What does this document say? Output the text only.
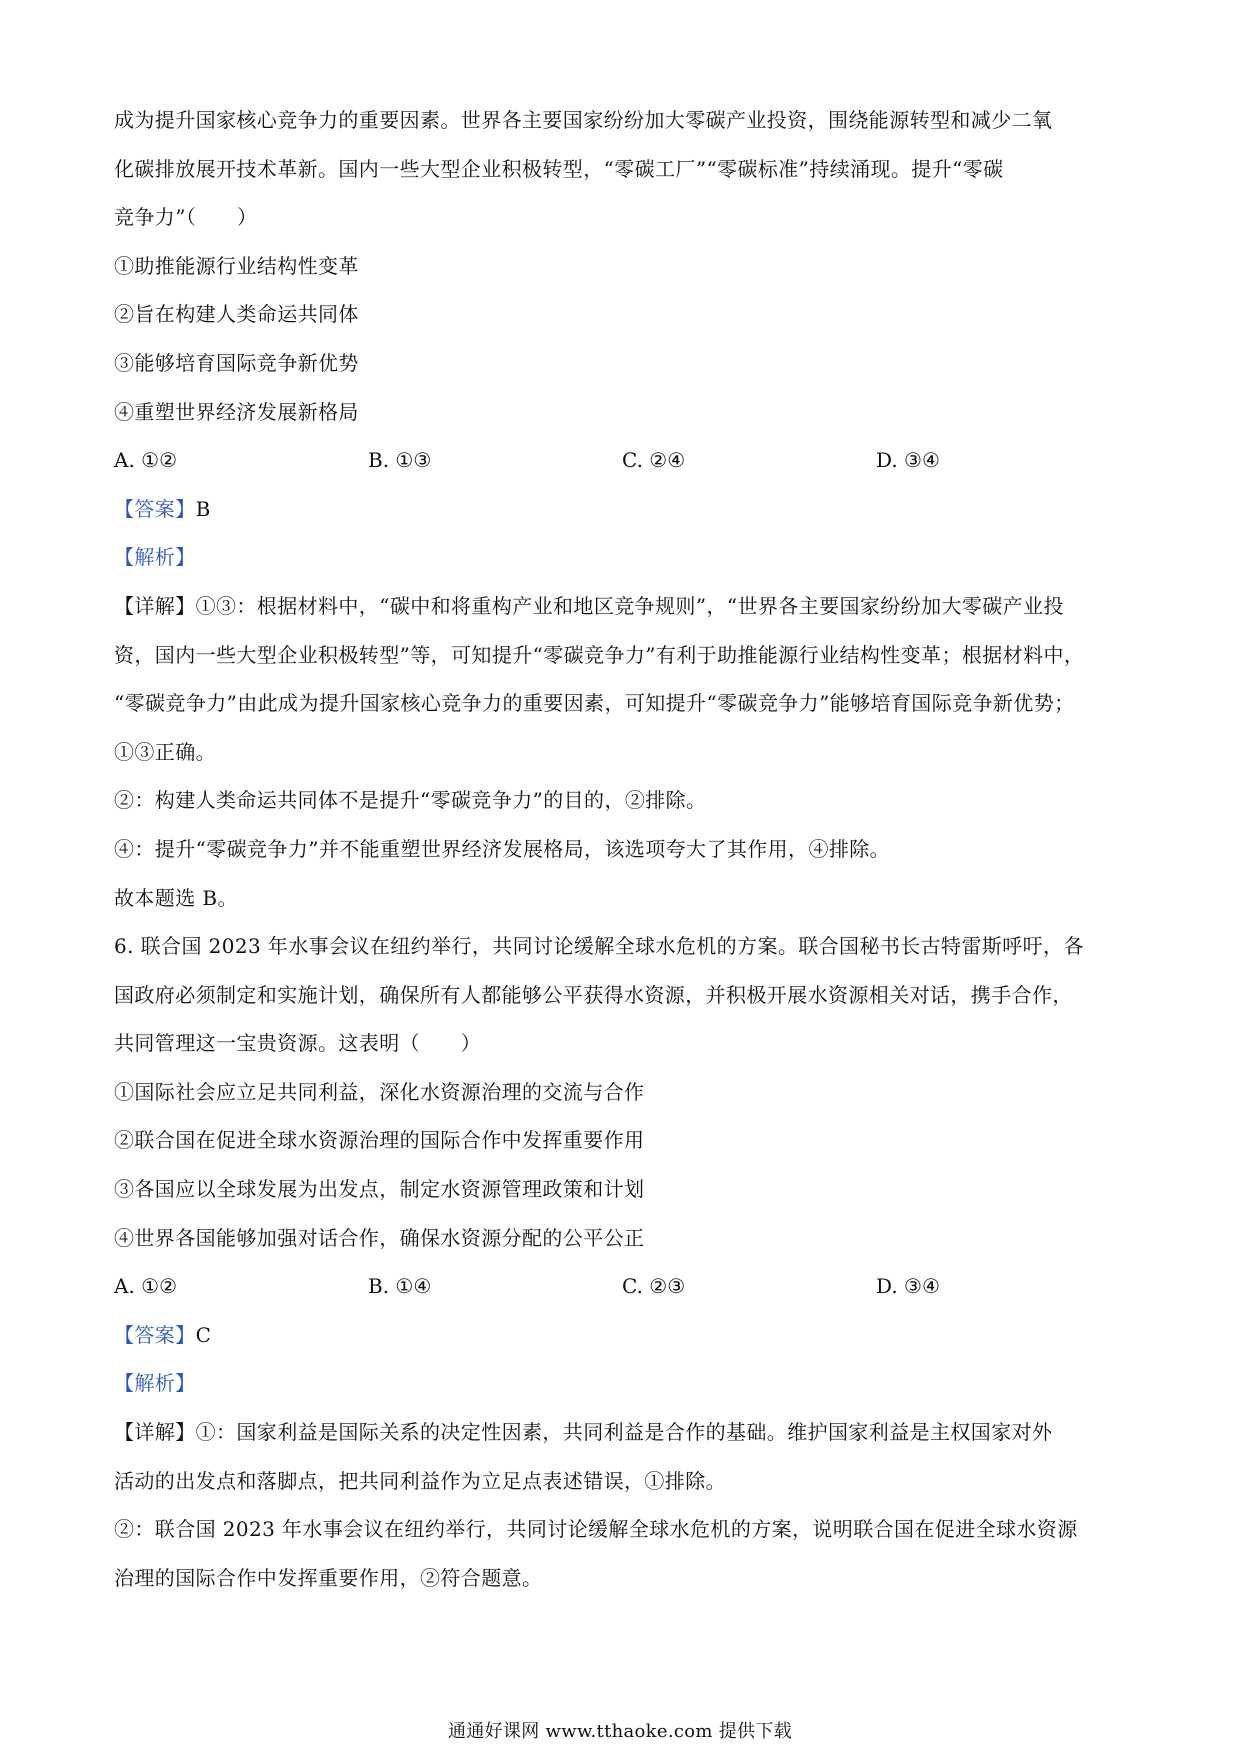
成为提升国家核心竞争力的重要因素。世界各主要国家纷纷加大零碳产业投资，围绕能源转型和减少二氧
化碳排放展开技术革新。国内一些大型企业积极转型，“零碳工厂”“零碳标准”持续涌现。提升“零碳
竞争力”（　　）
①助推能源行业结构性变革
②旨在构建人类命运共同体
③能够培育国际竞争新优势
④重塑世界经济发展新格局
A. ①②	B. ①③	C. ②④	D. ③④
【答案】B
【解析】
【详解】①③：根据材料中，“碳中和将重构产业和地区竞争规则”，“世界各主要国家纷纷加大零碳产业投
资，国内一些大型企业积极转型”等，可知提升“零碳竞争力”有利于助推能源行业结构性变革；根据材料中，
“零碳竞争力”由此成为提升国家核心竞争力的重要因素，可知提升“零碳竞争力”能够培育国际竞争新优势；
①③正确。
②：构建人类命运共同体不是提升“零碳竞争力”的目的，②排除。
④：提升“零碳竞争力”并不能重塑世界经济发展格局，该选项夸大了其作用，④排除。
故本题选 B。
6. 联合国 2023 年水事会议在纽约举行，共同讨论缓解全球水危机的方案。联合国秘书长古特雷斯呼吁，各
国政府必须制定和实施计划，确保所有人都能够公平获得水资源，并积极开展水资源相关对话，携手合作，
共同管理这一宝贵资源。这表明（　　）
①国际社会应立足共同利益，深化水资源治理的交流与合作
②联合国在促进全球水资源治理的国际合作中发挥重要作用
③各国应以全球发展为出发点，制定水资源管理政策和计划
④世界各国能够加强对话合作，确保水资源分配的公平公正
A. ①②	B. ①④	C. ②③	D. ③④
【答案】C
【解析】
【详解】①：国家利益是国际关系的决定性因素，共同利益是合作的基础。维护国家利益是主权国家对外
活动的出发点和落脚点，把共同利益作为立足点表述错误，①排除。
②：联合国 2023 年水事会议在纽约举行，共同讨论缓解全球水危机的方案，说明联合国在促进全球水资源
治理的国际合作中发挥重要作用，②符合题意。
通通好课网 www.tthaoke.com 提供下载
